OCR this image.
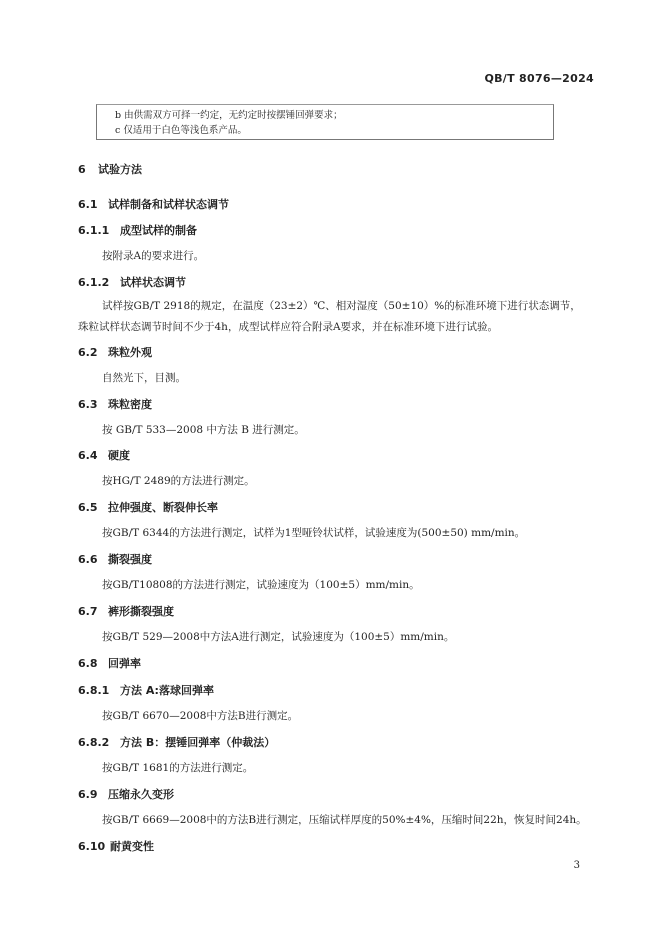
QB/T 8076—2024
b 由供需双方可择一约定，无约定时按摆锤回弹要求；
c 仅适用于白色等浅色系产品。
6 试验方法
6.1 试样制备和试样状态调节
6.1.1 成型试样的制备
按附录A的要求进行。
6.1.2 试样状态调节
试样按GB/T 2918的规定，在温度（23±2）℃、相对湿度（50±10）%的标准环境下进行状态调节，珠粒试样状态调节时间不少于4h，成型试样应符合附录A要求，并在标准环境下进行试验。
6.2 珠粒外观
自然光下，目测。
6.3 珠粒密度
按 GB/T 533—2008 中方法 B 进行测定。
6.4 硬度
按HG/T 2489的方法进行测定。
6.5 拉伸强度、断裂伸长率
按GB/T 6344的方法进行测定，试样为1型哑铃状试样，试验速度为(500±50) mm/min。
6.6 撕裂强度
按GB/T10808的方法进行测定，试验速度为（100±5）mm/min。
6.7 裤形撕裂强度
按GB/T 529—2008中方法A进行测定，试验速度为（100±5）mm/min。
6.8 回弹率
6.8.1 方法 A:落球回弹率
按GB/T 6670—2008中方法B进行测定。
6.8.2 方法 B：摆锤回弹率（仲裁法）
按GB/T 1681的方法进行测定。
6.9 压缩永久变形
按GB/T 6669—2008中的方法B进行测定，压缩试样厚度的50%±4%，压缩时间22h，恢复时间24h。
6.10 耐黄变性
3
